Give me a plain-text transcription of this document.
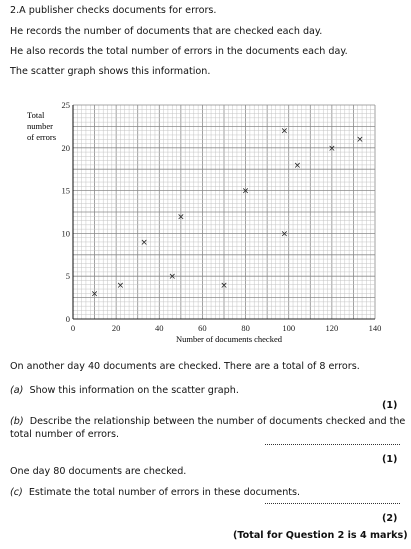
2.A publisher checks documents for errors.
He records the number of documents that are checked each day.
He also records the total number of errors in the documents each day.
The scatter graph shows this information.
0	20	40	60	80	100	120	140
0
5
10
15
20
25
×
×
×
×
×
×
×
×
×
×
×
×
Number of documents checked
Total
number
of errors
On another day 40 documents are checked. There are a total of 8 errors.
(a) Show this information on the scatter graph.
(1)
(b) Describe the relationship between the number of documents checked and the
total number of errors.
(1)
One day 80 documents are checked.
(c) Estimate the total number of errors in these documents.
(2)
(Total for Question 2 is 4 marks)
